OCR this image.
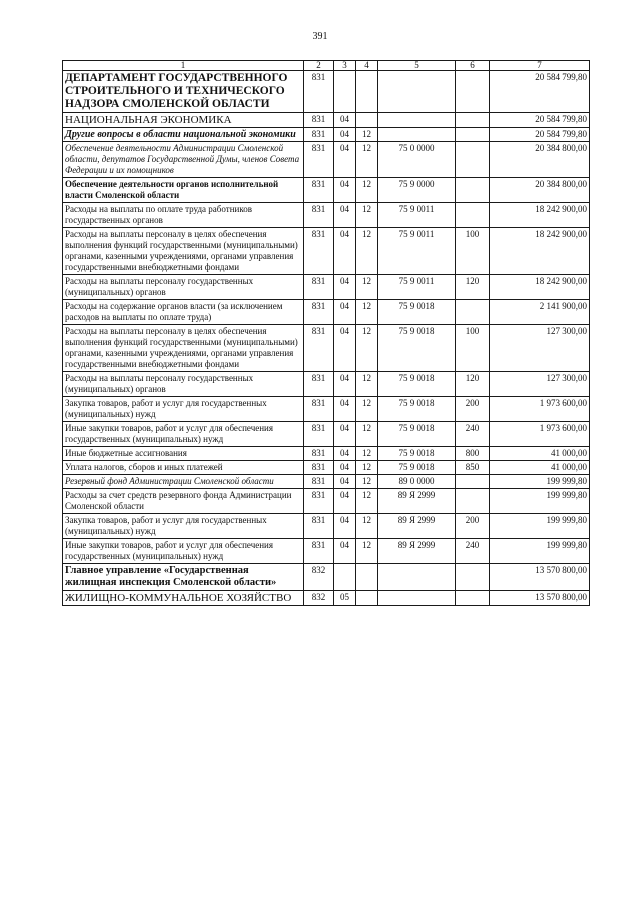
391
1	2	3	4	5	6	7
ДЕПАРТАМЕНТ ГОСУДАРСТВЕННОГО СТРОИТЕЛЬНОГО И ТЕХНИЧЕСКОГО НАДЗОРА СМОЛЕНСКОЙ ОБЛАСТИ	831					20 584 799,80
НАЦИОНАЛЬНАЯ ЭКОНОМИКА	831	04				20 584 799,80
Другие вопросы в области национальной экономики	831	04	12			20 584 799,80
Обеспечение деятельности Администрации Смоленской области, депутатов Государственной Думы, членов Совета Федерации и их помощников	831	04	12	75 0 0000		20 384 800,00
Обеспечение деятельности органов исполнительной власти Смоленской области	831	04	12	75 9 0000		20 384 800,00
Расходы на выплаты по оплате труда работников государственных органов	831	04	12	75 9 0011		18 242 900,00
Расходы на выплаты персоналу в целях обеспечения выполнения функций государственными (муниципальными) органами, казенными учреждениями, органами управления государственными внебюджетными фондами	831	04	12	75 9 0011	100	18 242 900,00
Расходы на выплаты персоналу государственных (муниципальных) органов	831	04	12	75 9 0011	120	18 242 900,00
Расходы на содержание органов власти (за исключением расходов на выплаты по оплате труда)	831	04	12	75 9 0018		2 141 900,00
Расходы на выплаты персоналу в целях обеспечения выполнения функций государственными (муниципальными) органами, казенными учреждениями, органами управления государственными внебюджетными фондами	831	04	12	75 9 0018	100	127 300,00
Расходы на выплаты персоналу государственных (муниципальных) органов	831	04	12	75 9 0018	120	127 300,00
Закупка товаров, работ и услуг для государственных (муниципальных) нужд	831	04	12	75 9 0018	200	1 973 600,00
Иные закупки товаров, работ и услуг для обеспечения государственных (муниципальных) нужд	831	04	12	75 9 0018	240	1 973 600,00
Иные бюджетные ассигнования	831	04	12	75 9 0018	800	41 000,00
Уплата налогов, сборов и иных платежей	831	04	12	75 9 0018	850	41 000,00
Резервный фонд Администрации Смоленской области	831	04	12	89 0 0000		199 999,80
Расходы за счет средств резервного фонда Администрации Смоленской области	831	04	12	89 Я 2999		199 999,80
Закупка товаров, работ и услуг для государственных (муниципальных) нужд	831	04	12	89 Я 2999	200	199 999,80
Иные закупки товаров, работ и услуг для обеспечения государственных (муниципальных) нужд	831	04	12	89 Я 2999	240	199 999,80
Главное управление «Государственная жилищная инспекция Смоленской области»	832					13 570 800,00
ЖИЛИЩНО-КОММУНАЛЬНОЕ ХОЗЯЙСТВО	832	05				13 570 800,00
